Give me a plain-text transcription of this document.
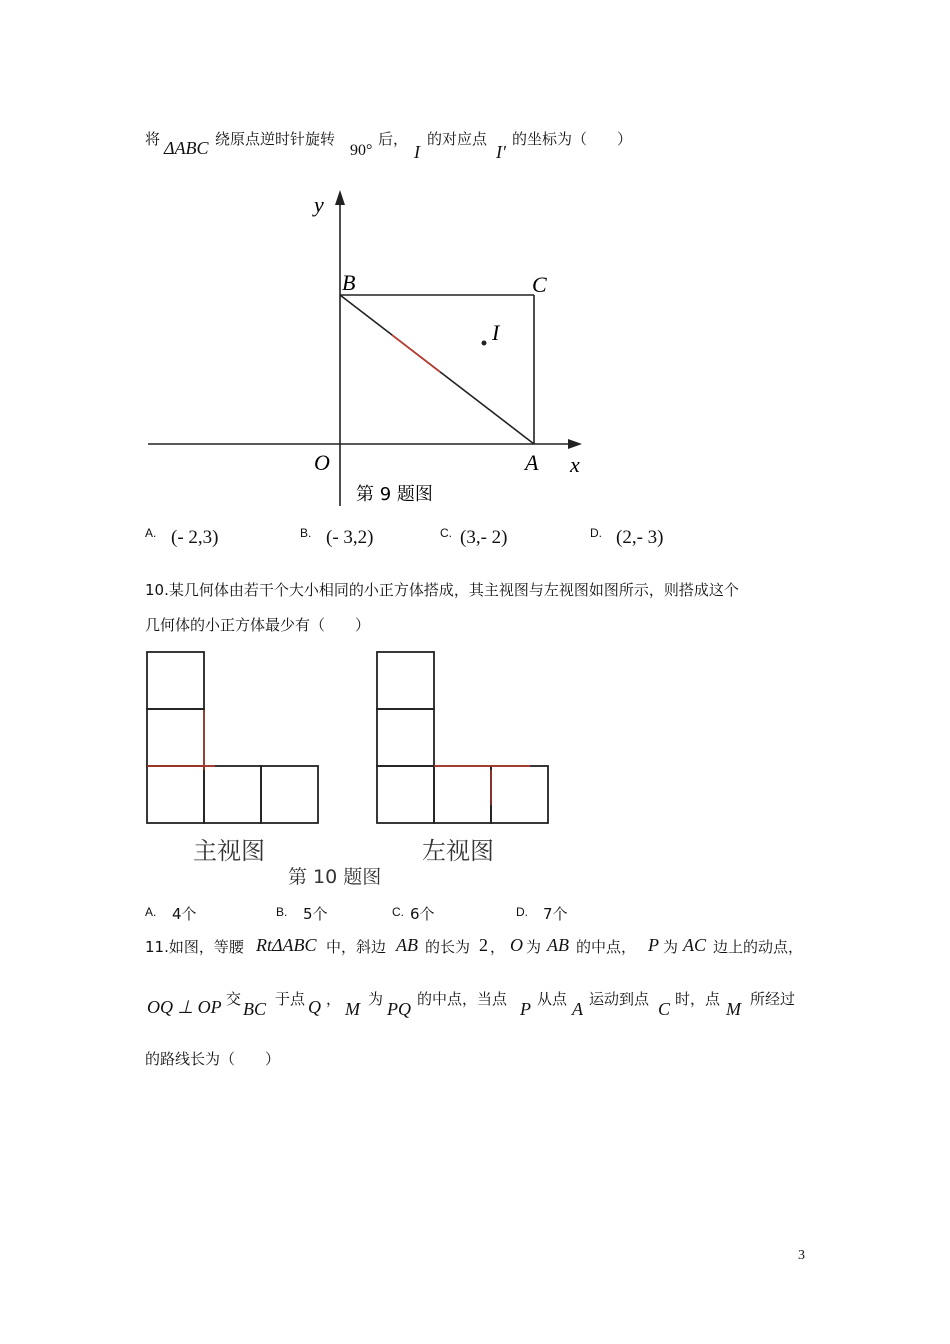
将 ΔABC 绕原点逆时针旋转
90°
后，
I
的对应点
I′
的坐标为（　　）
y
x
O	A
B	C
I
第 9 题图
A. (- 2,3)	B. (- 3,2)	C. (3,- 2)	D. (2,- 3)
10.某几何体由若干个大小相同的小正方体搭成，其主视图与左视图如图所示，则搭成这个
几何体的小正方体最少有（　　）
主视图	左视图
第 10 题图
A. 4个	B. 5个	C. 6个	D. 7个
11.如图，等腰 RtΔABC 中，斜边 AB 的长为 2 ， O 为 AB 的中点， P 为 AC 边上的动点，
OQ ⊥ OP 交 BC 于点 Q ， M 为 PQ 的中点，当点 P 从点 A 运动到点 C 时，点 M 所经过
的路线长为（　　）
3
